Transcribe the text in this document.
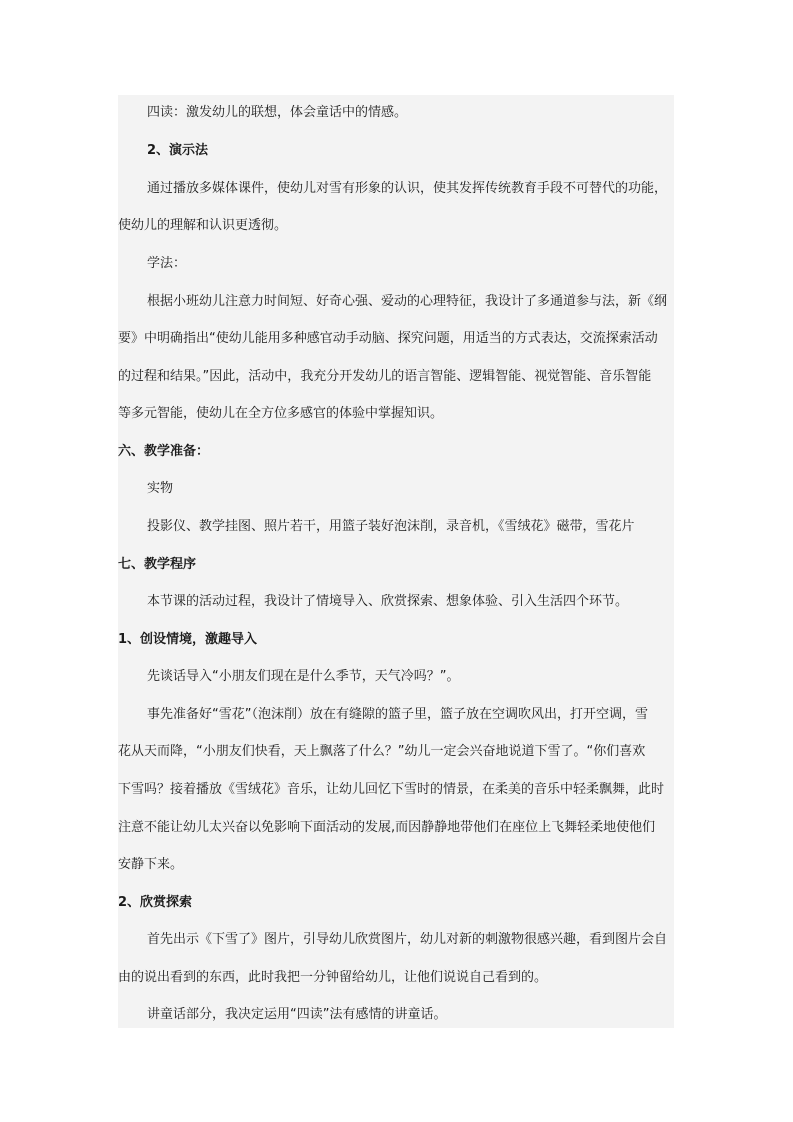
四读：激发幼儿的联想，体会童话中的情感。
2、演示法
通过播放多媒体课件，使幼儿对雪有形象的认识，使其发挥传统教育手段不可替代的功能，
使幼儿的理解和认识更透彻。
学法：
根据小班幼儿注意力时间短、好奇心强、爱动的心理特征，我设计了多通道参与法，新《纲
要》中明确指出“使幼儿能用多种感官动手动脑、探究问题，用适当的方式表达，交流探索活动
的过程和结果。”因此，活动中，我充分开发幼儿的语言智能、逻辑智能、视觉智能、音乐智能
等多元智能，使幼儿在全方位多感官的体验中掌握知识。
六、教学准备：
实物
投影仪、教学挂图、照片若干，用篮子装好泡沫削，录音机，《雪绒花》磁带，雪花片
七、教学程序
本节课的活动过程，我设计了情境导入、欣赏探索、想象体验、引入生活四个环节。
1、创设情境，激趣导入
先谈话导入“小朋友们现在是什么季节，天气冷吗？”。
事先准备好“雪花”（泡沫削）放在有缝隙的篮子里，篮子放在空调吹风出，打开空调，雪
花从天而降，“小朋友们快看，天上飘落了什么？”幼儿一定会兴奋地说道下雪了。“你们喜欢
下雪吗？接着播放《雪绒花》音乐，让幼儿回忆下雪时的情景，在柔美的音乐中轻柔飘舞，此时
注意不能让幼儿太兴奋以免影响下面活动的发展,而因静静地带他们在座位上飞舞轻柔地使他们
安静下来。
2、欣赏探索
首先出示《下雪了》图片，引导幼儿欣赏图片，幼儿对新的刺激物很感兴趣，看到图片会自
由的说出看到的东西，此时我把一分钟留给幼儿，让他们说说自己看到的。
讲童话部分，我决定运用“四读”法有感情的讲童话。
